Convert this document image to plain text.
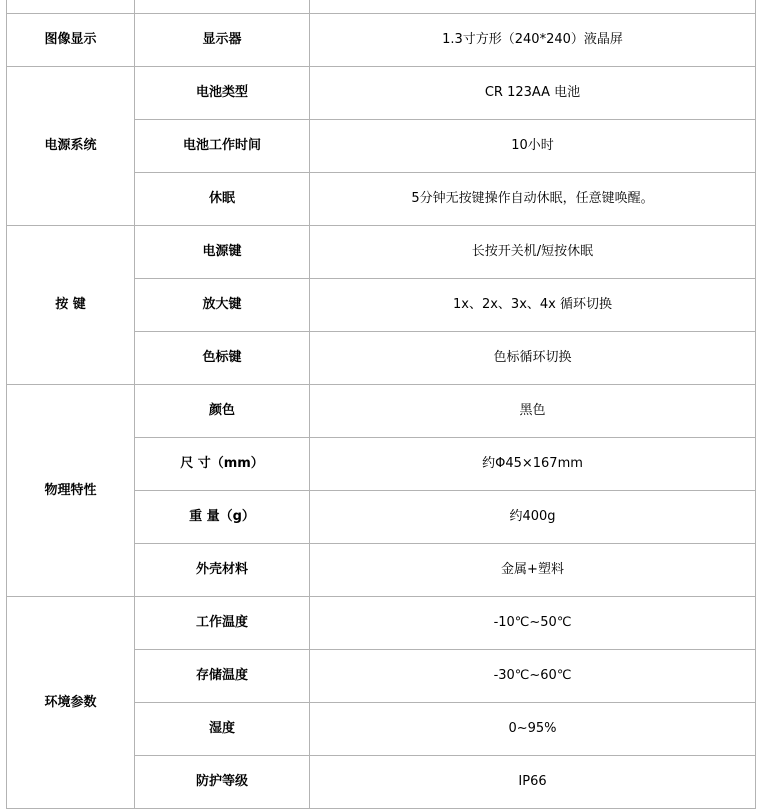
图像显示	显示器	1.3寸方形（240*240）液晶屏
电源系统	电池类型	CR 123AA 电池
	电池工作时间	10小时
	休眠	5分钟无按键操作自动休眠，任意键唤醒。
按 键	电源键	长按开关机/短按休眠
	放大键	1x、2x、3x、4x 循环切换
	色标键	色标循环切换
物理特性	颜色	黑色
	尺 寸（mm）	约Φ45×167mm
	重 量（g）	约400g
	外壳材料	金属+塑料
环境参数	工作温度	-10℃~50℃
	存储温度	-30℃~60℃
	湿度	0~95%
	防护等级	IP66
